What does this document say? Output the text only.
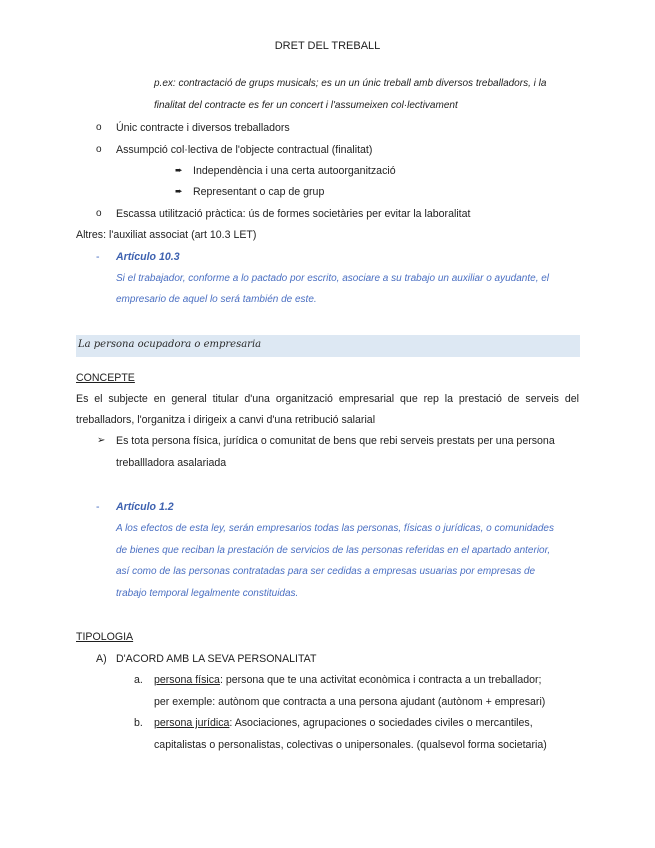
DRET DEL TREBALL
p.ex: contractació de grups musicals; es un un únic treball amb diversos treballadors, i la
finalitat del contracte es fer un concert i l'assumeixen col·lectivament
o Únic contracte i diversos treballadors
o Assumpció col·lectiva de l'objecte contractual (finalitat)
➨ Independència i una certa autoorganització
➨ Representant o cap de grup
o Escassa utilització pràctica: ús de formes societàries per evitar la laboralitat
Altres: l'auxiliat associat (art 10.3 LET)
- Artículo 10.3
Si el trabajador, conforme a lo pactado por escrito, asociare a su trabajo un auxiliar o ayudante, el
empresario de aquel lo será también de este.
La persona ocupadora o empresaria
CONCEPTE
Es el subjecte en general titular d'una organització empresarial que rep la prestació de serveis del
treballadors, l'organitza i dirigeix a canvi d'una retribució salarial
➢ Es tota persona física, jurídica o comunitat de bens que rebi serveis prestats per una persona
treballladora asalariada
- Artículo 1.2
A los efectos de esta ley, serán empresarios todas las personas, físicas o jurídicas, o comunidades
de bienes que reciban la prestación de servicios de las personas referidas en el apartado anterior,
así como de las personas contratadas para ser cedidas a empresas usuarias por empresas de
trabajo temporal legalmente constituidas.
TIPOLOGIA
A) D'ACORD AMB LA SEVA PERSONALITAT
a. persona física: persona que te una activitat econòmica i contracta a un treballador;
per exemple: autònom que contracta a una persona ajudant (autònom + empresari)
b. persona jurídica: Asociaciones, agrupaciones o sociedades civiles o mercantiles,
capitalistas o personalistas, colectivas o unipersonales. (qualsevol forma societaria)
